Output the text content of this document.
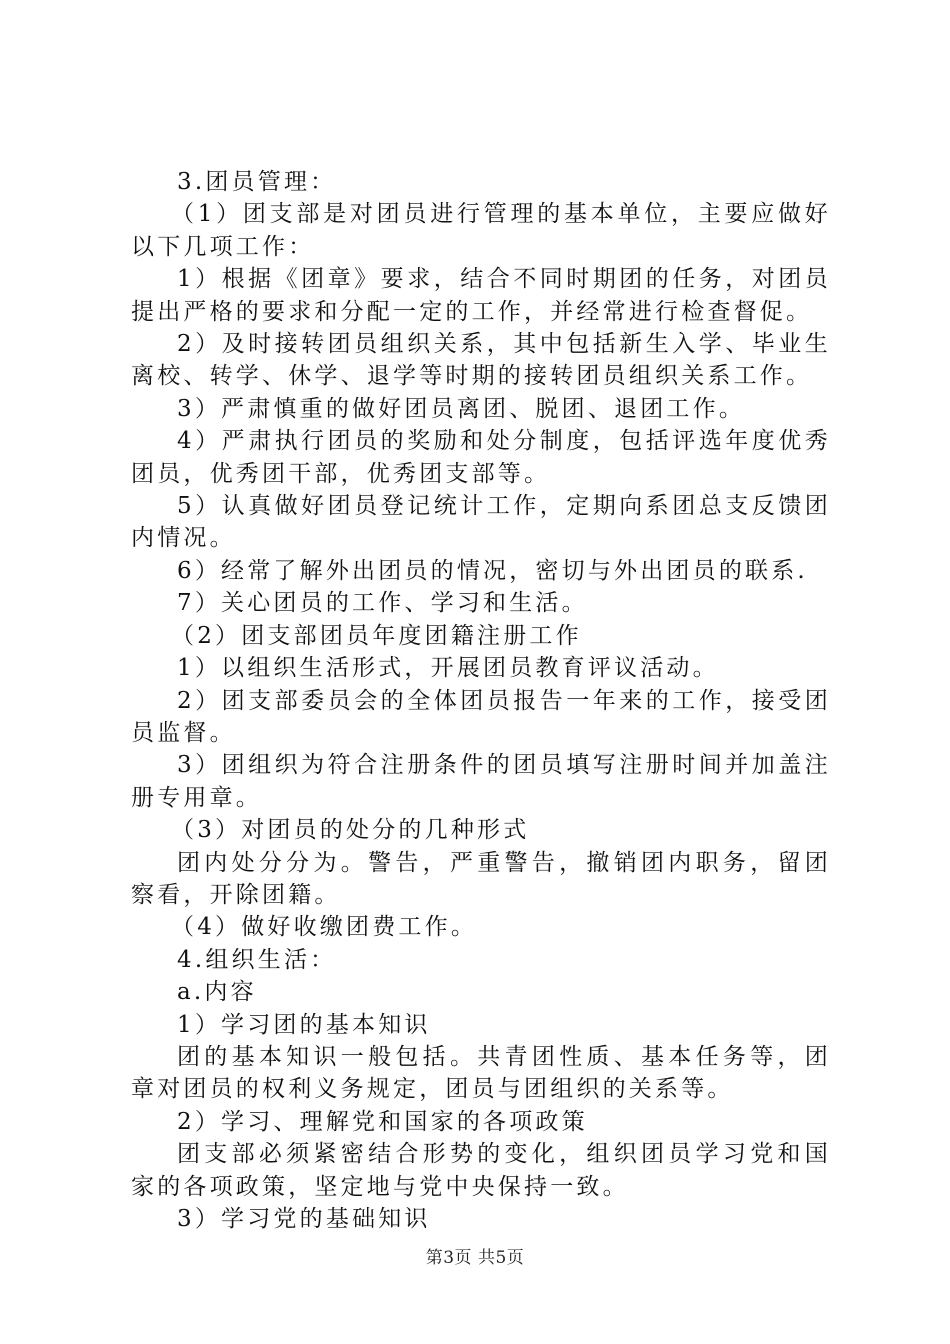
3.团员管理：

（1）团支部是对团员进行管理的基本单位，主要应做好以下几项工作：

1）根据《团章》要求，结合不同时期团的任务，对团员提出严格的要求和分配一定的工作，并经常进行检查督促。

2）及时接转团员组织关系，其中包括新生入学、毕业生离校、转学、休学、退学等时期的接转团员组织关系工作。

3）严肃慎重的做好团员离团、脱团、退团工作。

4）严肃执行团员的奖励和处分制度，包括评选年度优秀团员，优秀团干部，优秀团支部等。

5）认真做好团员登记统计工作，定期向系团总支反馈团内情况。

6）经常了解外出团员的情况，密切与外出团员的联系.

7）关心团员的工作、学习和生活。

（2）团支部团员年度团籍注册工作

1）以组织生活形式，开展团员教育评议活动。

2）团支部委员会的全体团员报告一年来的工作，接受团员监督。

3）团组织为符合注册条件的团员填写注册时间并加盖注册专用章。

（3）对团员的处分的几种形式

团内处分分为。警告，严重警告，撤销团内职务，留团察看，开除团籍。

（4）做好收缴团费工作。

4.组织生活：

a.内容

1）学习团的基本知识

团的基本知识一般包括。共青团性质、基本任务等，团章对团员的权利义务规定，团员与团组织的关系等。

2）学习、理解党和国家的各项政策

团支部必须紧密结合形势的变化，组织团员学习党和国家的各项政策，坚定地与党中央保持一致。

3）学习党的基础知识

第3页 共5页
